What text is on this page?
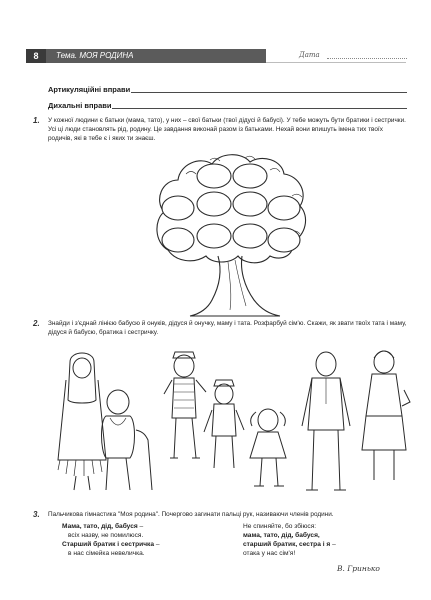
8	Тема. МОЯ РОДИНА	Дата
Артикуляційні вправи
Дихальні вправи
1. У кожної людини є батьки (мама, тато), у них – свої батьки (твої дідусі й бабусі). У тебе можуть бути братики і сестрички. Усі ці люди становлять рід, родину. Це завдання виконай разом із батьками. Нехай вони впишуть імена тих твоїх родичів, які в тебе є і яких ти знаєш.
2. Знайди і з'єднай лінією бабусю й онуків, дідуся й онучку, маму і тата. Розфарбуй сім'ю. Скажи, як звати твоїх тата і маму, дідуся й бабусю, братика і сестричку.
3. Пальчикова гімнастика "Моя родина". Почергово загинати пальці рук, називаючи членів родини.
Мама, тато, дід, бабуся –
всіх назву, не помилюся.
Старший братик і сестричка –
в нас сімейка невеличка.
Не спиняйте, бо збіюся:
мама, тато, дід, бабуся,
старший братик, сестра і я –
отака у нас сім'я!
В. Гринько
